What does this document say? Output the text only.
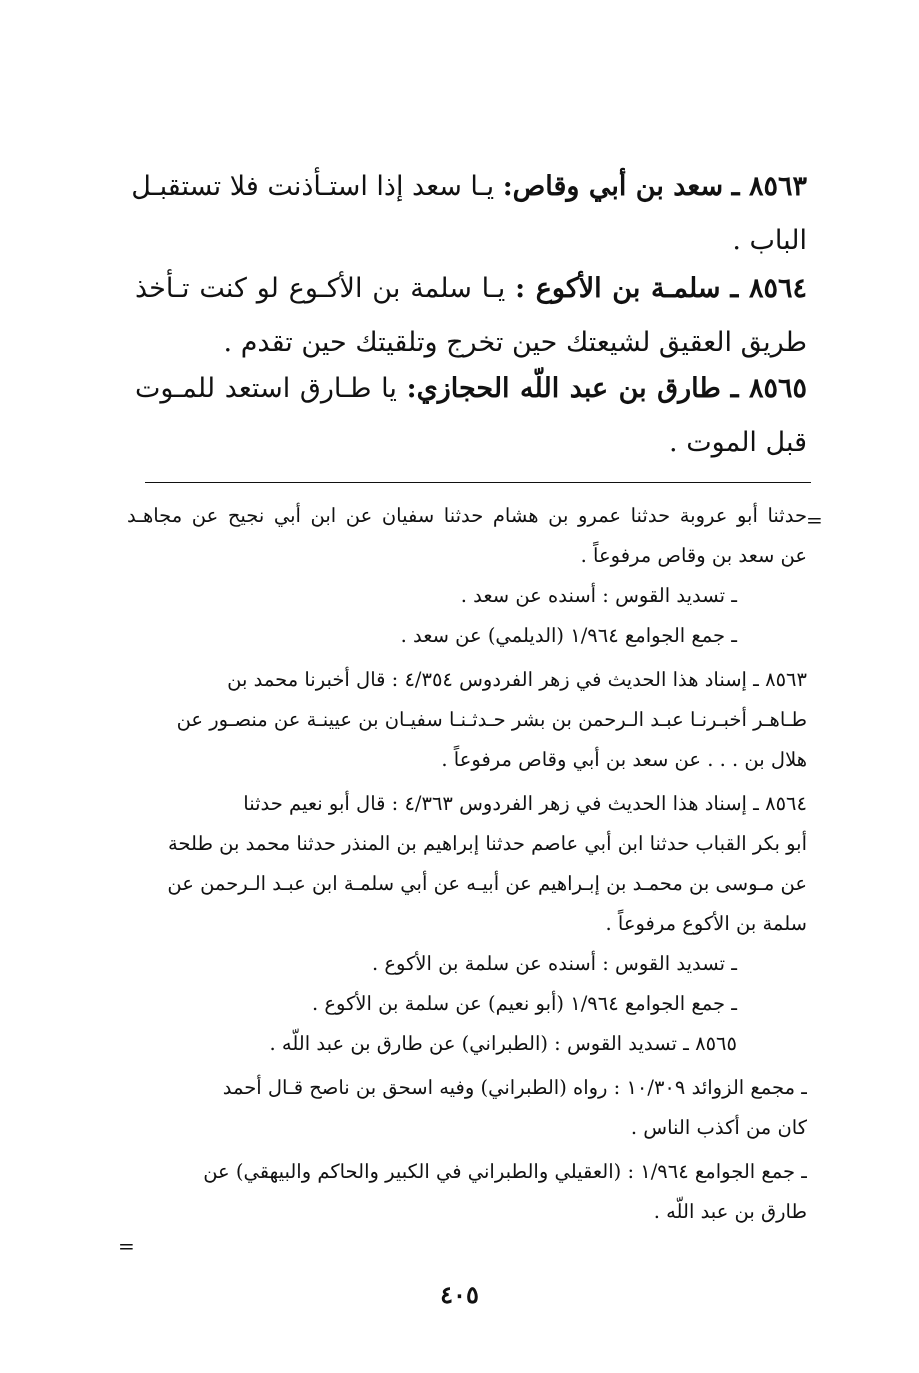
٨٥٦٣ ـ سعد بن أبي وقاص: يـا سعد إذا استـأذنت فلا تستقبـل
الباب .
٨٥٦٤ ـ سلمـة بن الأكوع : يـا سلمة بن الأكـوع لو كنت تـأخذ
طريق العقيق لشيعتك حين تخرج وتلقيتك حين تقدم .
٨٥٦٥ ـ طارق بن عبد اللّه الحجازي: يا طـارق استعد للمـوت
قبل الموت .
=
حدثنا أبو عروبة حدثنا عمرو بن هشام حدثنا سفيان عن ابن أبي نجيح عن مجاهـد
عن سعد بن وقاص مرفوعاً .
ـ تسديد القوس : أسنده عن سعد .
ـ جمع الجوامع ١/٩٦٤ (الديلمي) عن سعد .
٨٥٦٣ ـ إسناد هذا الحديث في زهر الفردوس ٤/٣٥٤ : قال أخبرنا محمد بن
طـاهـر أخبـرنـا عبـد الـرحمن بن بشر حـدثـنـا سفيـان بن عيينـة عن منصـور عن
هلال بن . . . عن سعد بن أبي وقاص مرفوعاً .
٨٥٦٤ ـ إسناد هذا الحديث في زهر الفردوس ٤/٣٦٣ : قال أبو نعيم حدثنا
أبو بكر القباب حدثنا ابن أبي عاصم حدثنا إبراهيم بن المنذر حدثنا محمد بن طلحة
عن مـوسى بن محمـد بن إبـراهيم عن أبيـه عن أبي سلمـة ابن عبـد الـرحمن عن
سلمة بن الأكوع مرفوعاً .
ـ تسديد القوس : أسنده عن سلمة بن الأكوع .
ـ جمع الجوامع ١/٩٦٤ (أبو نعيم) عن سلمة بن الأكوع .
٨٥٦٥ ـ تسديد القوس : (الطبراني) عن طارق بن عبد اللّه .
ـ مجمع الزوائد ١٠/٣٠٩ : رواه (الطبراني) وفيه اسحق بن ناصح قـال أحمد
كان من أكذب الناس .
ـ جمع الجوامع ١/٩٦٤ : (العقيلي والطبراني في الكبير والحاكم والبيهقي) عن
طارق بن عبد اللّه .
=
٤٠٥
